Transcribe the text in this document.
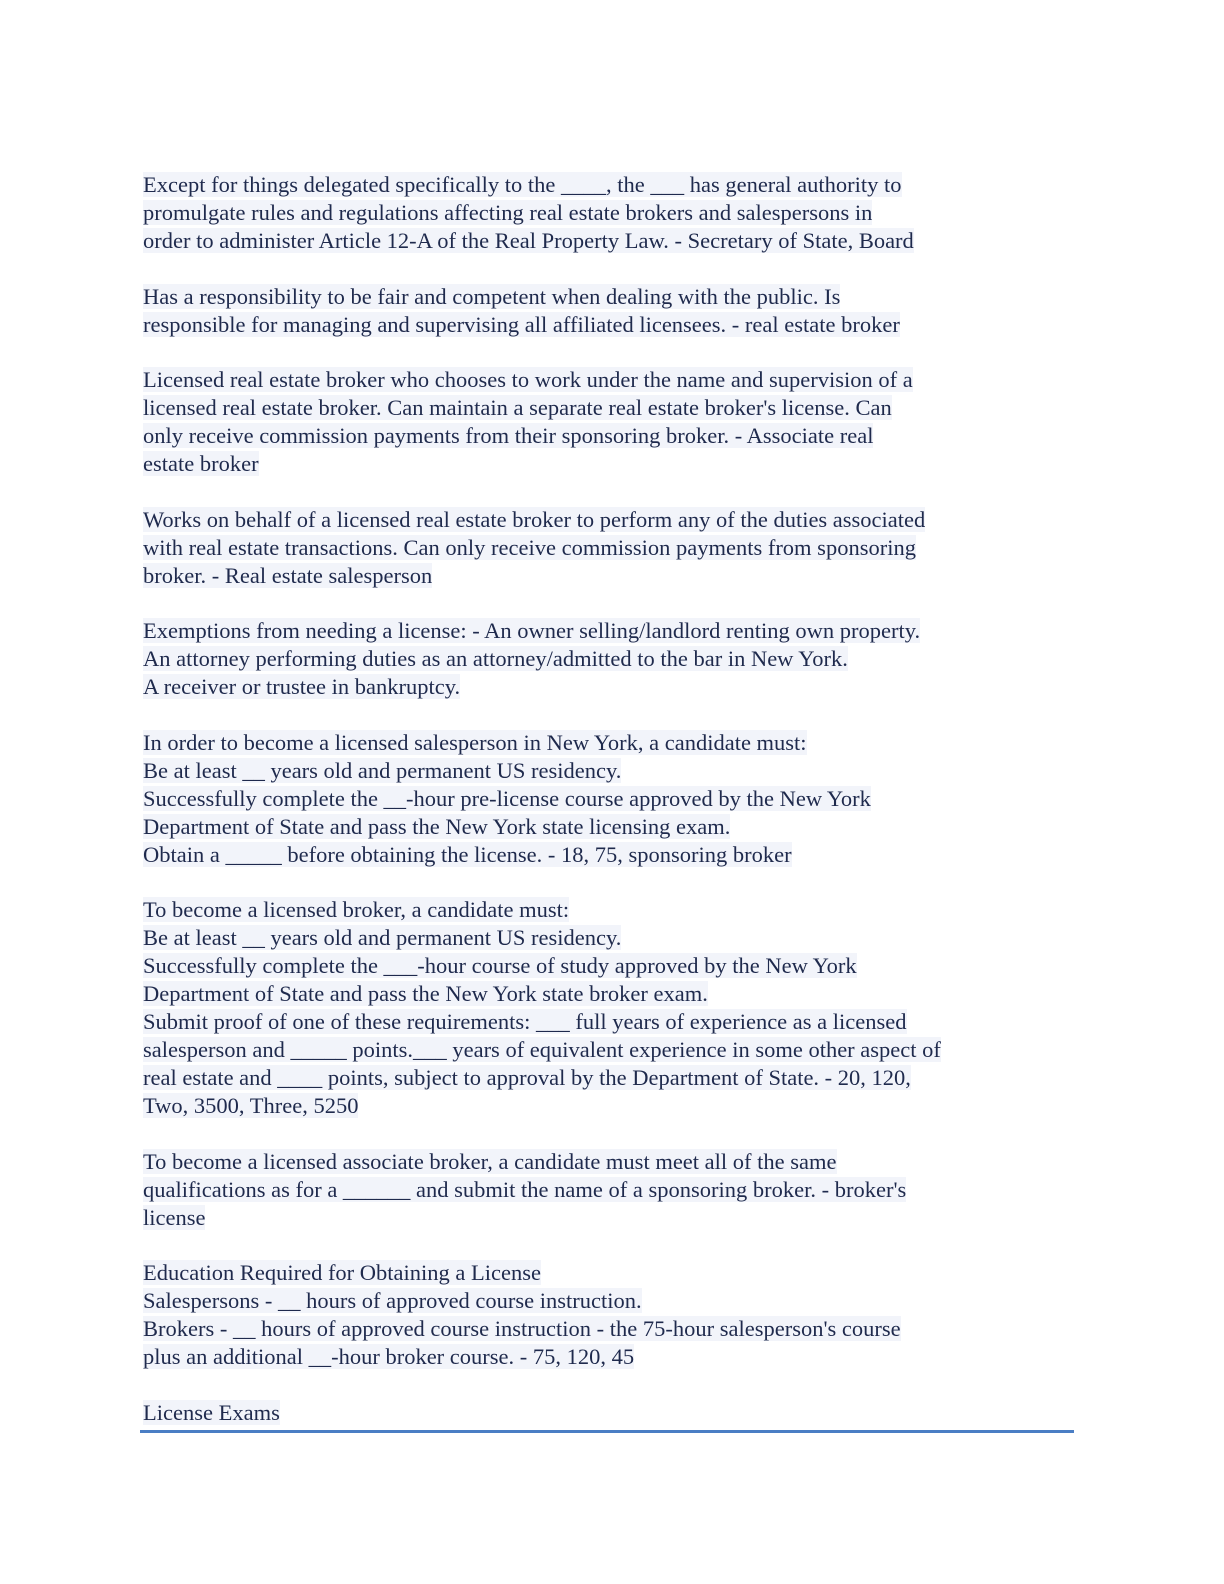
Except for things delegated specifically to the ____, the ___ has general authority topromulgate rules and regulations affecting real estate brokers and salespersons inorder to administer Article 12-A of the Real Property Law. - Secretary of State, Board

Has a responsibility to be fair and competent when dealing with the public. Isresponsible for managing and supervising all affiliated licensees. - real estate broker

Licensed real estate broker who chooses to work under the name and supervision of alicensed real estate broker. Can maintain a separate real estate broker's license. Canonly receive commission payments from their sponsoring broker. - Associate realestate broker

Works on behalf of a licensed real estate broker to perform any of the duties associatedwith real estate transactions. Can only receive commission payments from sponsoringbroker. - Real estate salesperson

Exemptions from needing a license: - An owner selling/landlord renting own property.An attorney performing duties as an attorney/admitted to the bar in New York.A receiver or trustee in bankruptcy.

In order to become a licensed salesperson in New York, a candidate must:Be at least __ years old and permanent US residency.Successfully complete the __-hour pre-license course approved by the New YorkDepartment of State and pass the New York state licensing exam.Obtain a _____ before obtaining the license. - 18, 75, sponsoring broker

To become a licensed broker, a candidate must:Be at least __ years old and permanent US residency.Successfully complete the ___-hour course of study approved by the New YorkDepartment of State and pass the New York state broker exam.Submit proof of one of these requirements: ___ full years of experience as a licensedsalesperson and _____ points.___ years of equivalent experience in some other aspect ofreal estate and ____ points, subject to approval by the Department of State. - 20, 120,Two, 3500, Three, 5250

To become a licensed associate broker, a candidate must meet all of the samequalifications as for a ______ and submit the name of a sponsoring broker. - broker'slicense

Education Required for Obtaining a LicenseSalespersons - __ hours of approved course instruction.Brokers - __ hours of approved course instruction - the 75-hour salesperson's courseplus an additional __-hour broker course. - 75, 120, 45

License Exams
